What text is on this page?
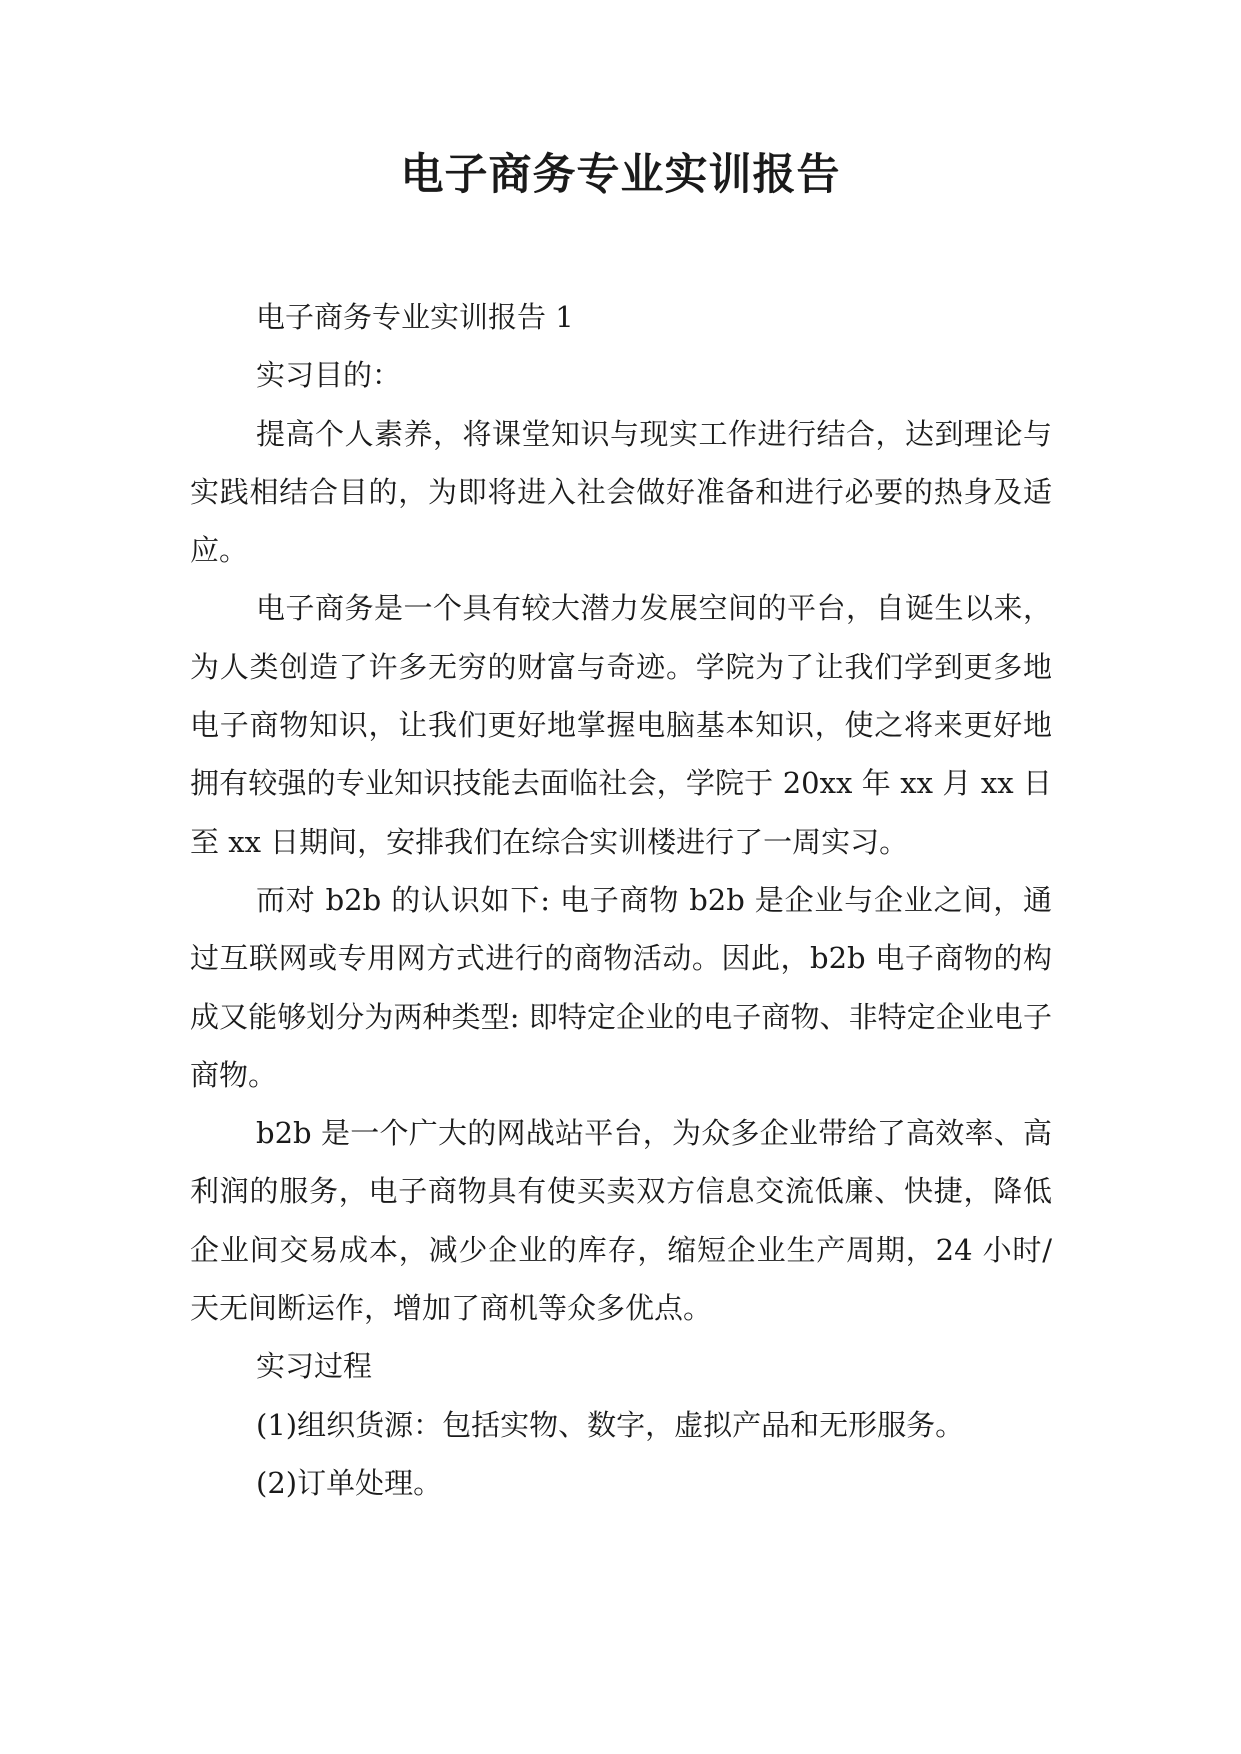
电子商务专业实训报告

电子商务专业实训报告 1

实习目的：

提高个人素养，将课堂知识与现实工作进行结合，达到理论与实践相结合目的，为即将进入社会做好准备和进行必要的热身及适应。

电子商务是一个具有较大潜力发展空间的平台，自诞生以来，为人类创造了许多无穷的财富与奇迹。学院为了让我们学到更多地电子商物知识，让我们更好地掌握电脑基本知识，使之将来更好地拥有较强的专业知识技能去面临社会，学院于 20xx 年 xx 月 xx 日至 xx 日期间，安排我们在综合实训楼进行了一周实习。

而对 b2b 的认识如下: 电子商物 b2b 是企业与企业之间，通过互联网或专用网方式进行的商物活动。因此，b2b 电子商物的构成又能够划分为两种类型: 即特定企业的电子商物、非特定企业电子商物。

b2b 是一个广大的网战站平台，为众多企业带给了高效率、高利润的服务，电子商物具有使买卖双方信息交流低廉、快捷，降低企业间交易成本，减少企业的库存，缩短企业生产周期，24 小时/天无间断运作，增加了商机等众多优点。

实习过程

(1)组织货源：包括实物、数字，虚拟产品和无形服务。

(2)订单处理。
